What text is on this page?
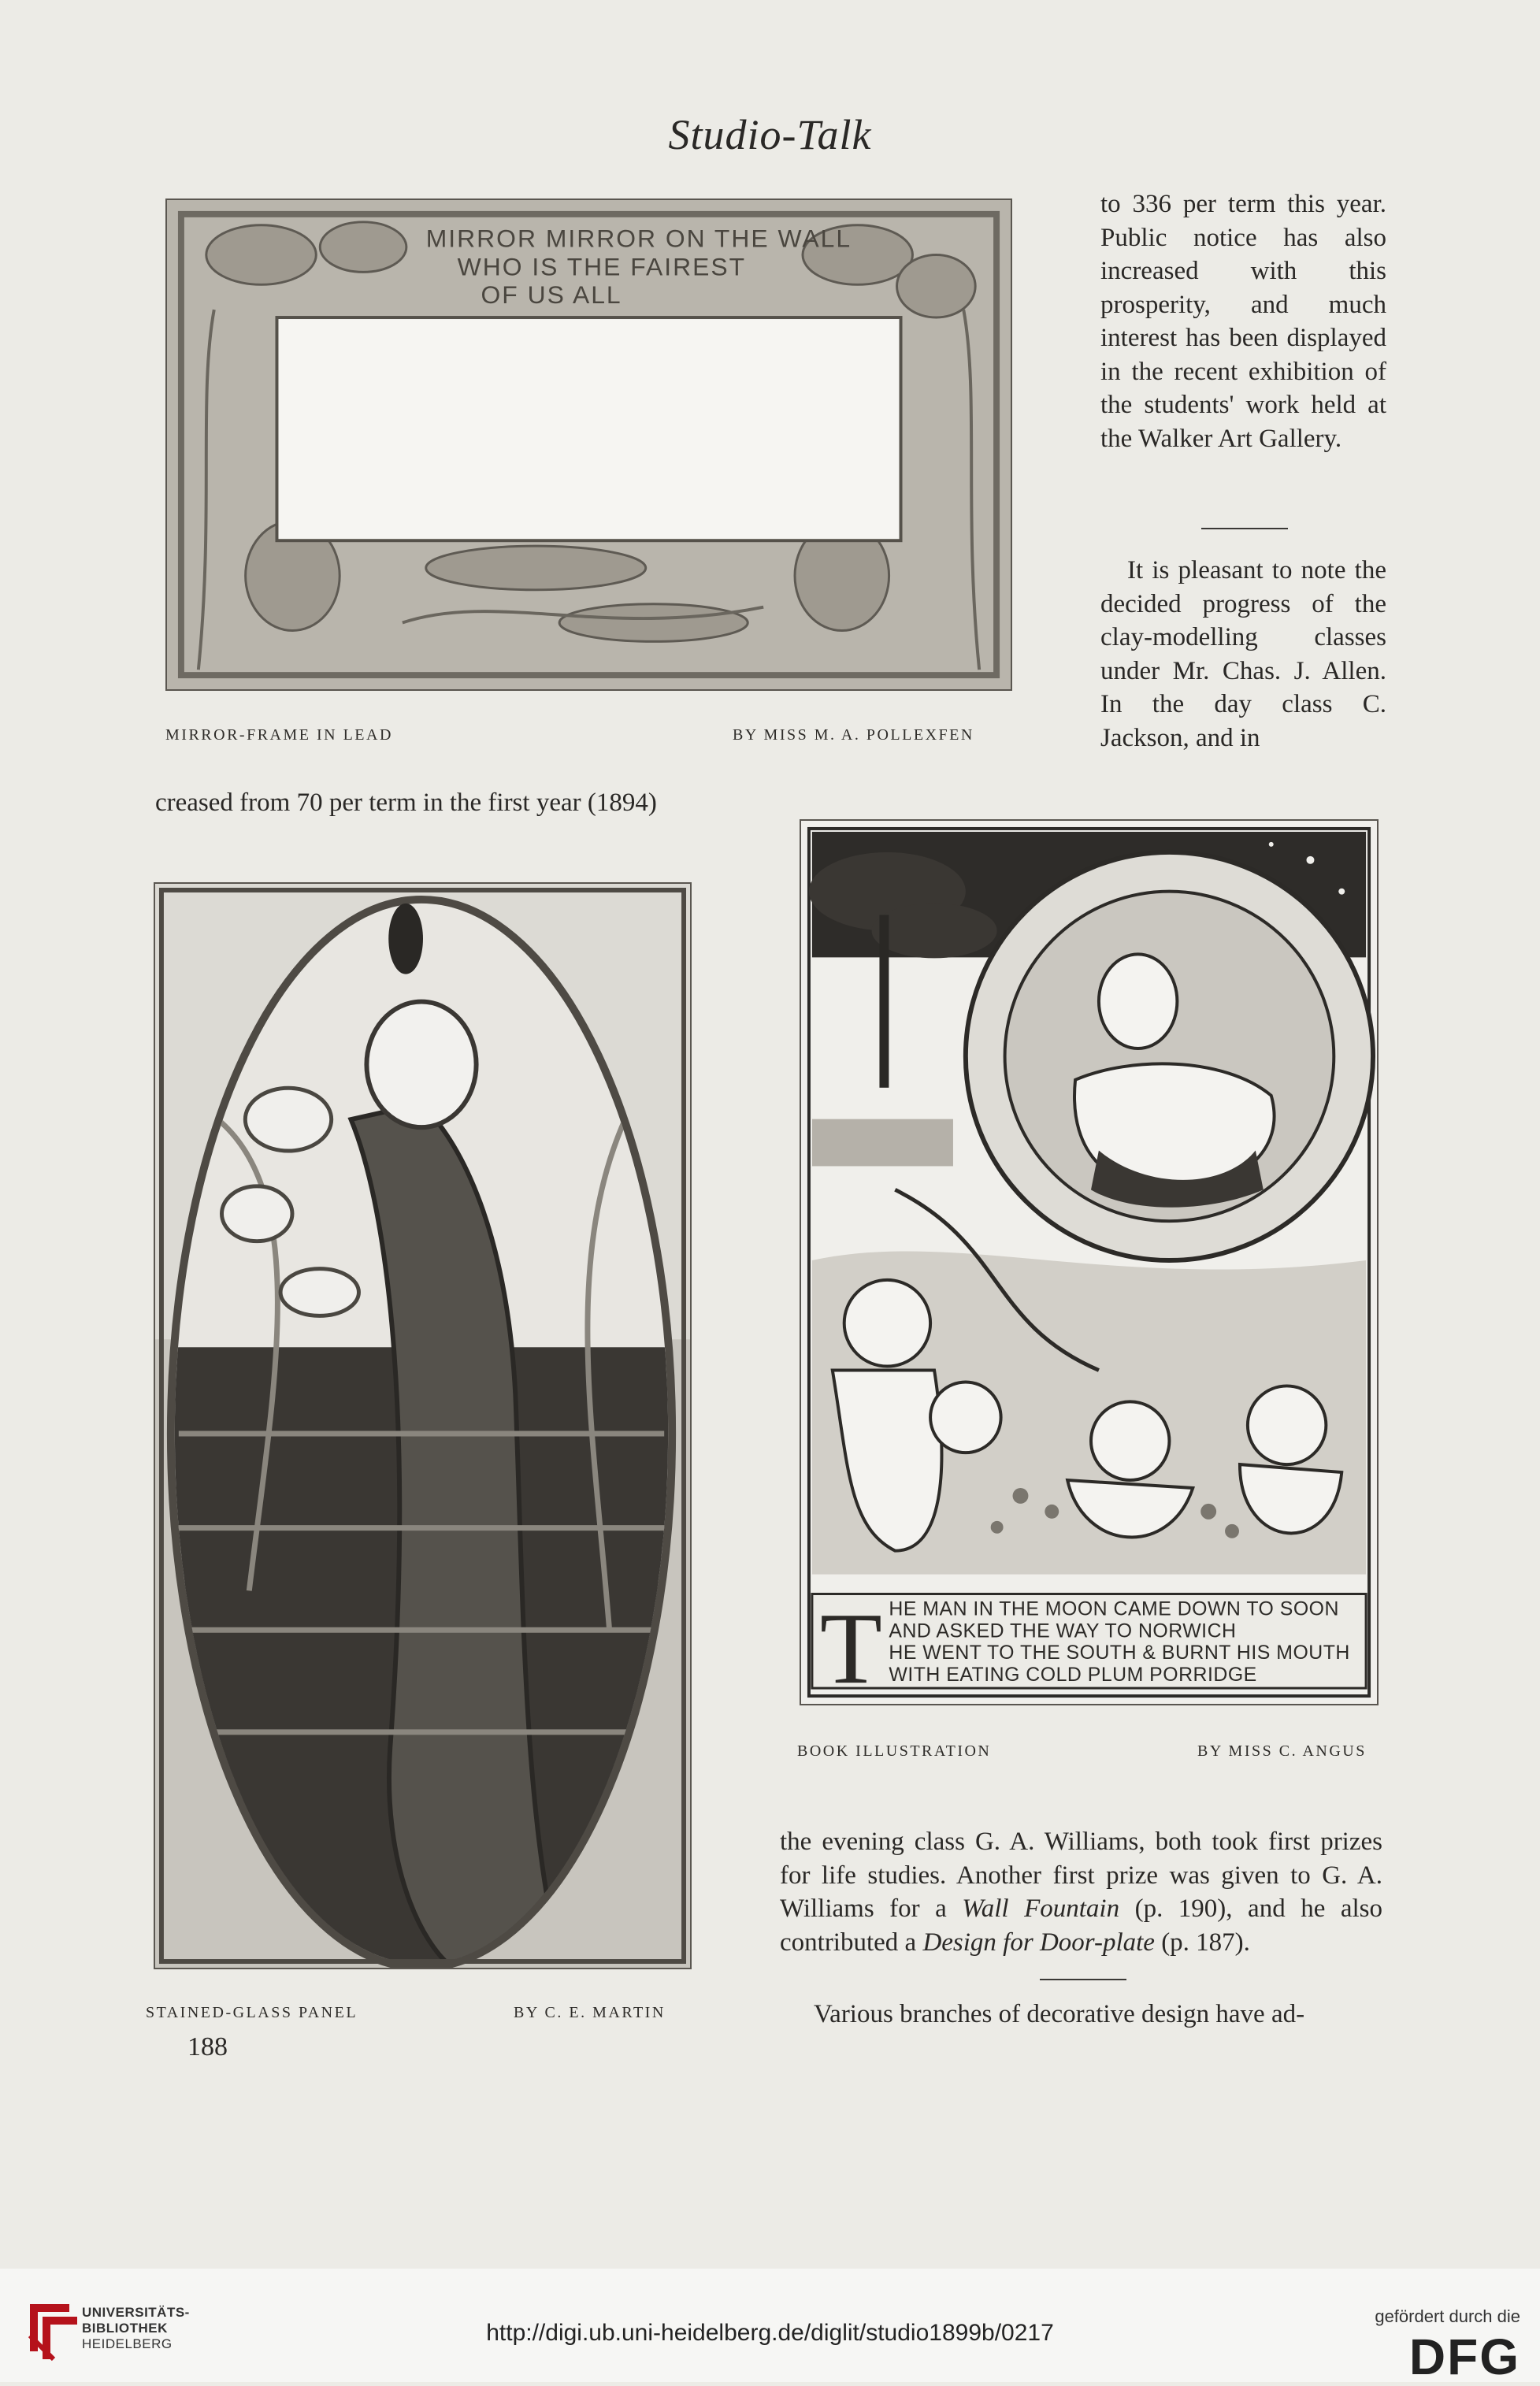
Studio-Talk
MIRROR MIRROR ON THE WALL
WHO IS THE FAIREST
OF US ALL
MIRROR-FRAME IN LEAD	BY MISS M. A. POLLEXFEN

to 336 per term this year. Public notice has also increased with this prosperity, and much interest has been displayed in the recent exhibition of the students' work held at the Walker Art Gallery.

It is pleasant to note the decided progress of the clay-modelling classes under Mr. Chas. J. Allen. In the day class C. Jackson, and in

creased from 70 per term in the first year (1894)
STAINED-GLASS PANEL	BY C. E. MARTIN
T HE MAN IN THE MOON CAME DOWN TO SOON
AND ASKED THE WAY TO NORWICH
HE WENT TO THE SOUTH & BURNT HIS MOUTH
WITH EATING COLD PLUM PORRIDGE
BOOK ILLUSTRATION	BY MISS C. ANGUS

the evening class G. A. Williams, both took first prizes for life studies. Another first prize was given to G. A. Williams for a Wall Fountain (p. 190), and he also contributed a Design for Door-plate (p. 187).

Various branches of decorative design have ad-
188
UNIVERSITÄTS-
BIBLIOTHEK
HEIDELBERG	http://digi.ub.uni-heidelberg.de/diglit/studio1899b/0217
gefördert durch die
DFG
